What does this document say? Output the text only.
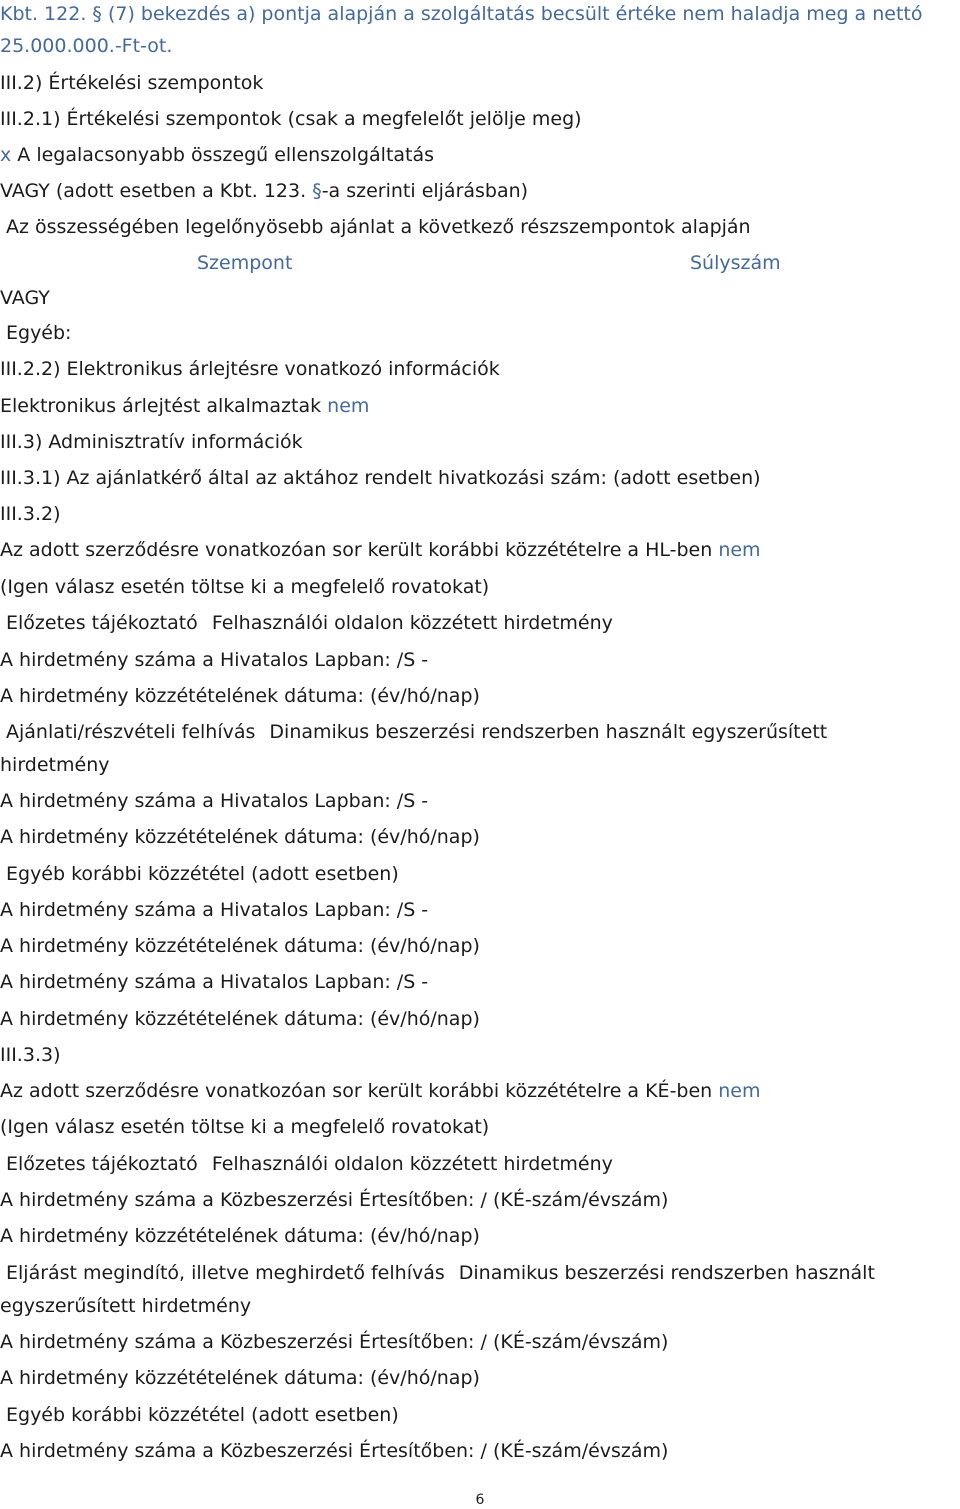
Kbt. 122. § (7) bekezdés a) pontja alapján a szolgáltatás becsült értéke nem haladja meg a nettó
25.000.000.-Ft-ot.
III.2) Értékelési szempontok
III.2.1) Értékelési szempontok (csak a megfelelőt jelölje meg)
x A legalacsonyabb összegű ellenszolgáltatás
VAGY (adott esetben a Kbt. 123. §-a szerinti eljárásban)
Az összességében legelőnyösebb ajánlat a következő részszempontok alapján
Szempont	Súlyszám
VAGY
Egyéb:
III.2.2) Elektronikus árlejtésre vonatkozó információk
Elektronikus árlejtést alkalmaztak nem
III.3) Adminisztratív információk
III.3.1) Az ajánlatkérő által az aktához rendelt hivatkozási szám: (adott esetben)
III.3.2)
Az adott szerződésre vonatkozóan sor került korábbi közzétételre a HL-ben nem
(Igen válasz esetén töltse ki a megfelelő rovatokat)
Előzetes tájékoztató Felhasználói oldalon közzétett hirdetmény
A hirdetmény száma a Hivatalos Lapban: /S -
A hirdetmény közzétételének dátuma: (év/hó/nap)
Ajánlati/részvételi felhívás Dinamikus beszerzési rendszerben használt egyszerűsített
hirdetmény
A hirdetmény száma a Hivatalos Lapban: /S -
A hirdetmény közzétételének dátuma: (év/hó/nap)
Egyéb korábbi közzététel (adott esetben)
A hirdetmény száma a Hivatalos Lapban: /S -
A hirdetmény közzétételének dátuma: (év/hó/nap)
A hirdetmény száma a Hivatalos Lapban: /S -
A hirdetmény közzétételének dátuma: (év/hó/nap)
III.3.3)
Az adott szerződésre vonatkozóan sor került korábbi közzétételre a KÉ-ben nem
(Igen válasz esetén töltse ki a megfelelő rovatokat)
Előzetes tájékoztató Felhasználói oldalon közzétett hirdetmény
A hirdetmény száma a Közbeszerzési Értesítőben: / (KÉ-szám/évszám)
A hirdetmény közzétételének dátuma: (év/hó/nap)
Eljárást megindító, illetve meghirdető felhívás Dinamikus beszerzési rendszerben használt
egyszerűsített hirdetmény
A hirdetmény száma a Közbeszerzési Értesítőben: / (KÉ-szám/évszám)
A hirdetmény közzétételének dátuma: (év/hó/nap)
Egyéb korábbi közzététel (adott esetben)
A hirdetmény száma a Közbeszerzési Értesítőben: / (KÉ-szám/évszám)
6
